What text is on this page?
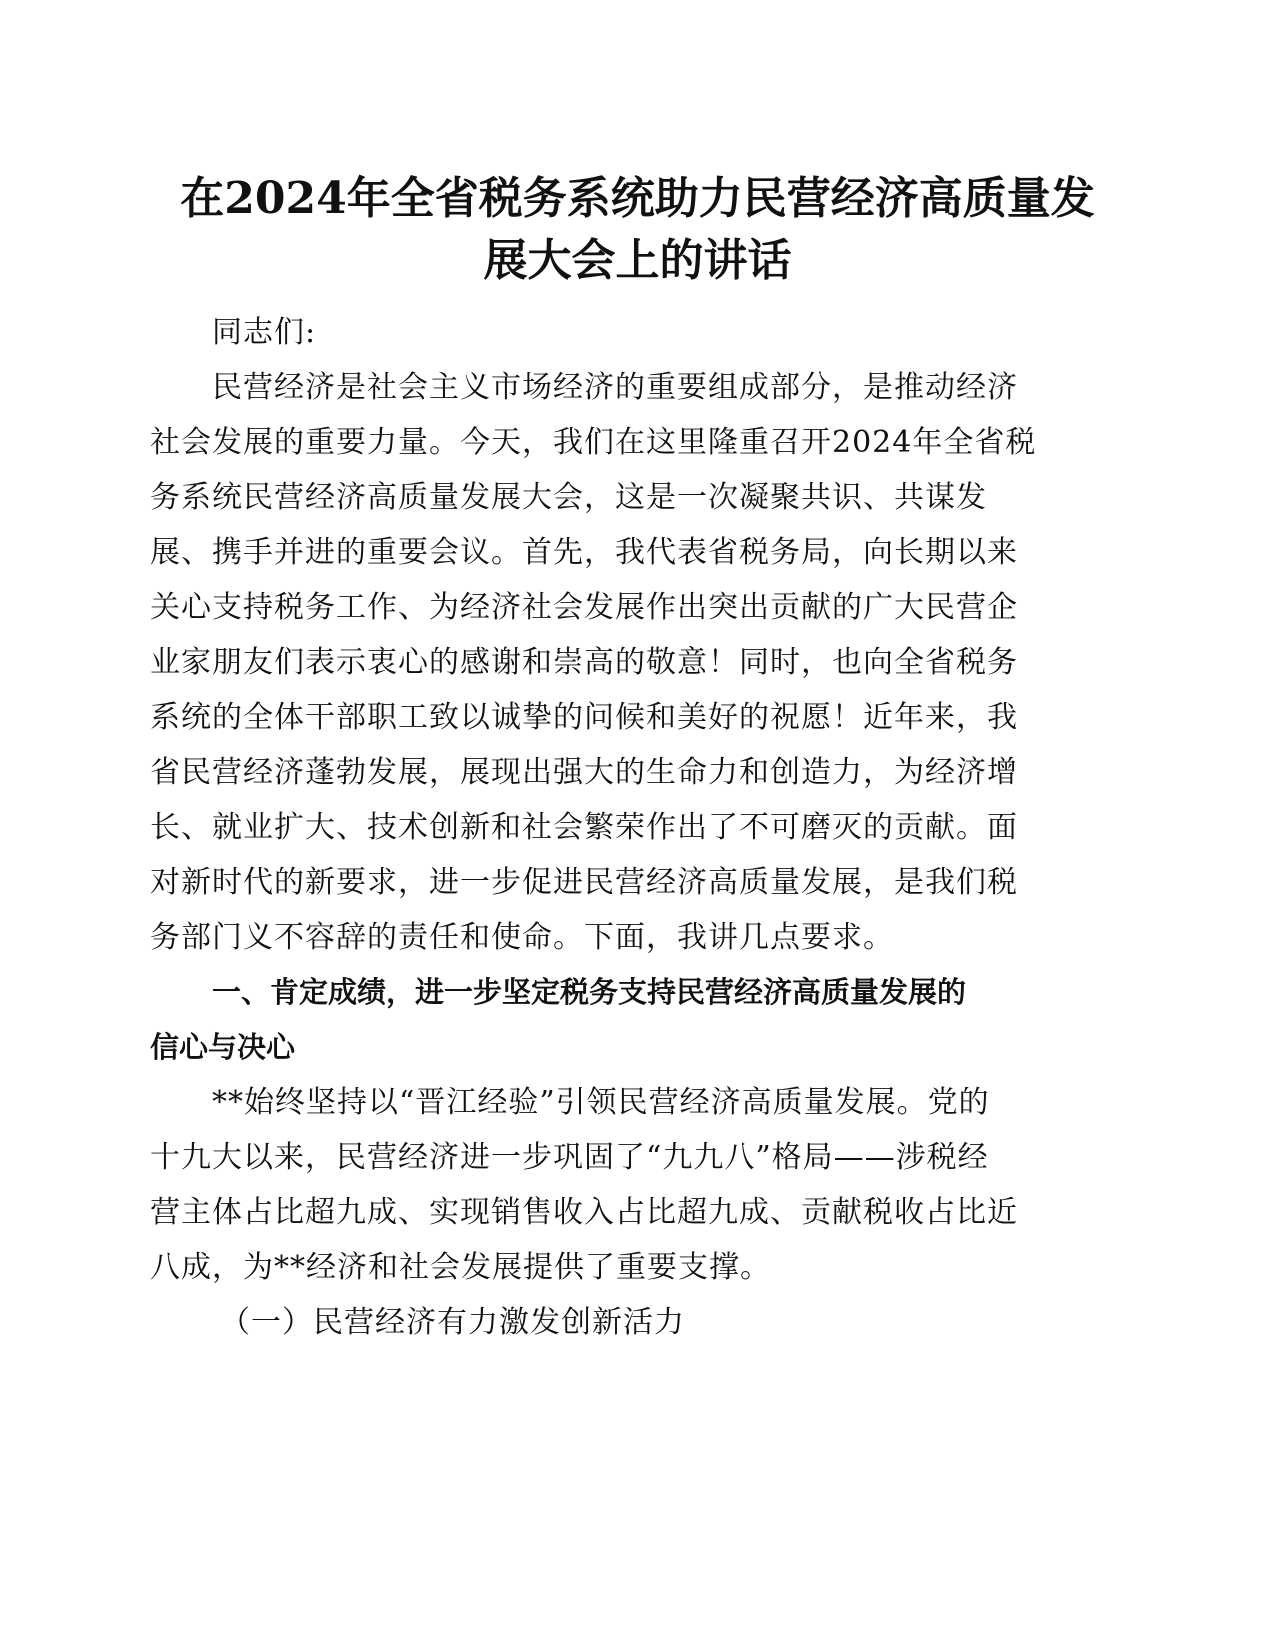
在2024年全省税务系统助力民营经济高质量发
展大会上的讲话
同志们:
民营经济是社会主义市场经济的重要组成部分，是推动经济
社会发展的重要力量。今天，我们在这里隆重召开2024年全省税
务系统民营经济高质量发展大会，这是一次凝聚共识、共谋发
展、携手并进的重要会议。首先，我代表省税务局，向长期以来
关心支持税务工作、为经济社会发展作出突出贡献的广大民营企
业家朋友们表示衷心的感谢和崇高的敬意！同时，也向全省税务
系统的全体干部职工致以诚挚的问候和美好的祝愿！近年来，我
省民营经济蓬勃发展，展现出强大的生命力和创造力，为经济增
长、就业扩大、技术创新和社会繁荣作出了不可磨灭的贡献。面
对新时代的新要求，进一步促进民营经济高质量发展，是我们税
务部门义不容辞的责任和使命。下面，我讲几点要求。
一、肯定成绩，进一步坚定税务支持民营经济高质量发展的
信心与决心
**始终坚持以“晋江经验”引领民营经济高质量发展。党的
十九大以来，民营经济进一步巩固了“九九八”格局——涉税经
营主体占比超九成、实现销售收入占比超九成、贡献税收占比近
八成，为**经济和社会发展提供了重要支撑。
（一）民营经济有力激发创新活力
